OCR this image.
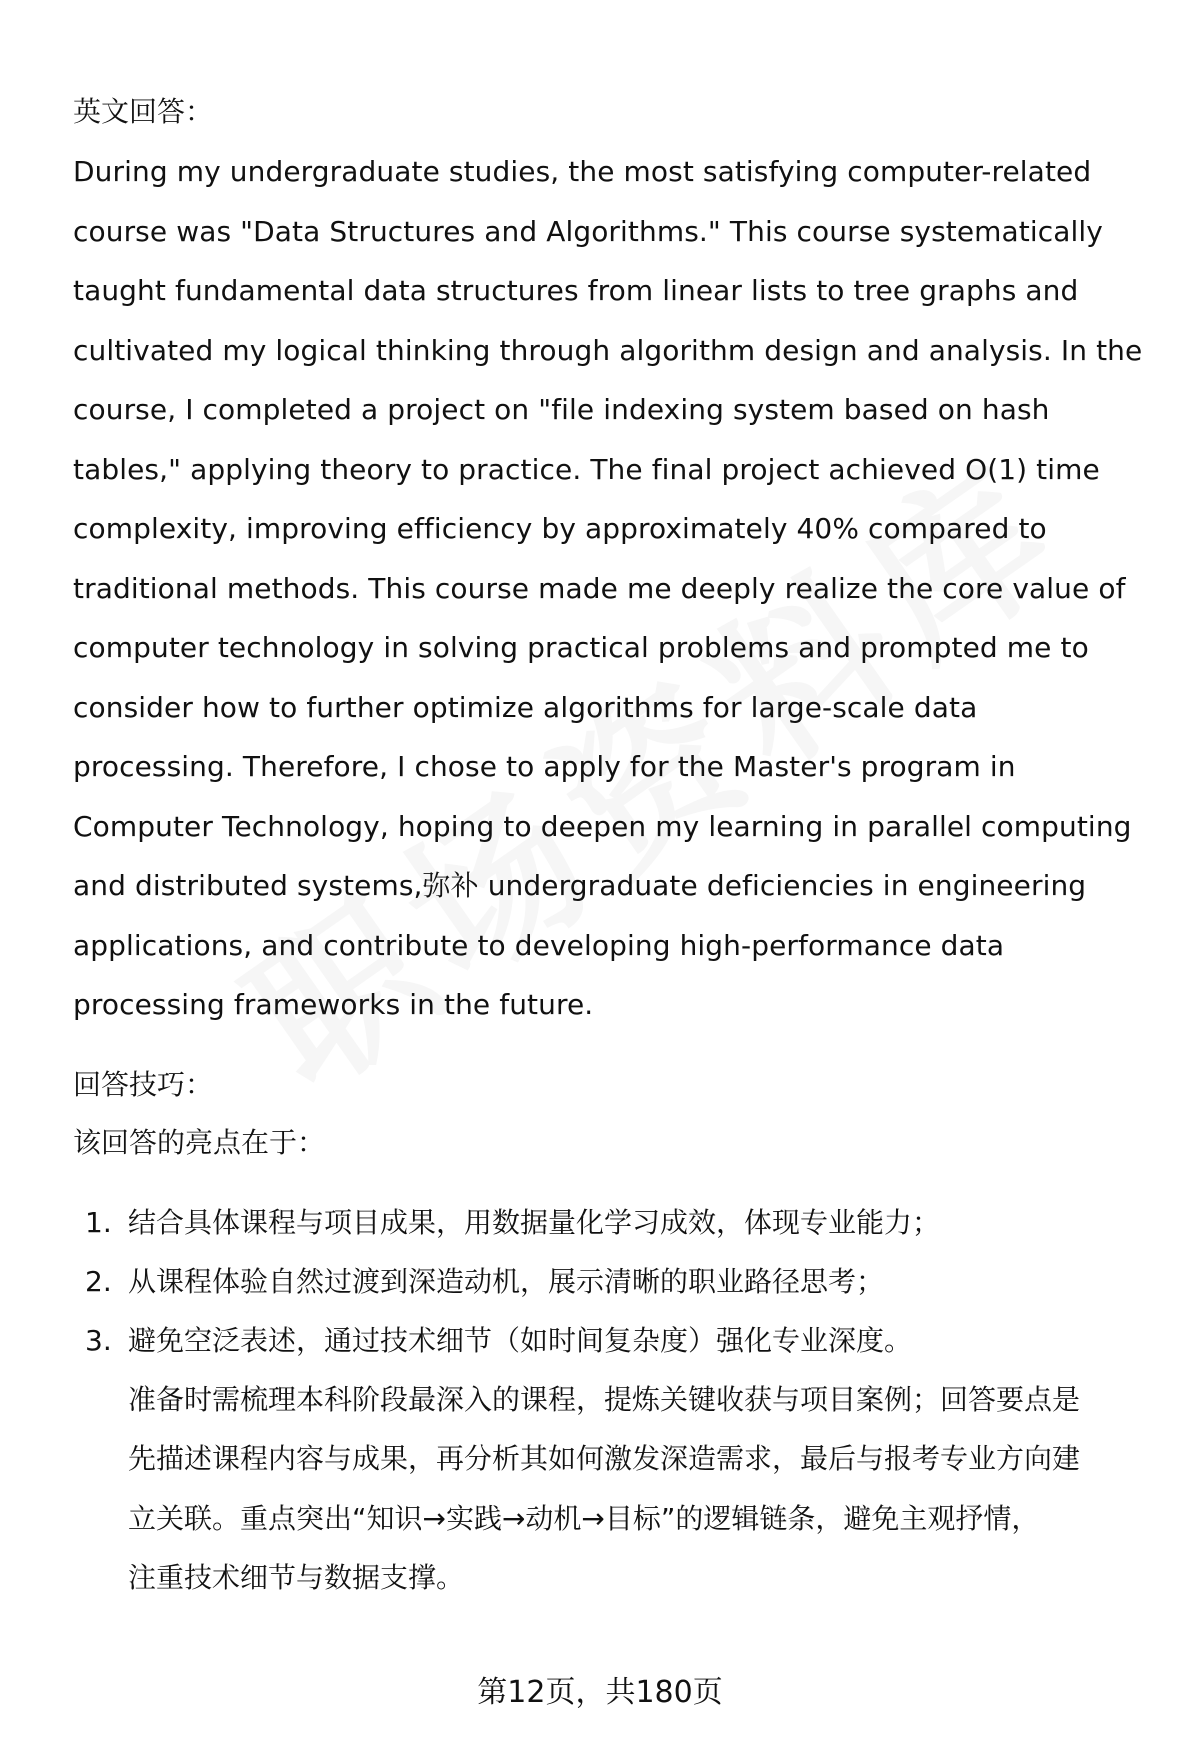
英文回答：

During my undergraduate studies, the most satisfying computer-related
course was "Data Structures and Algorithms." This course systematically
taught fundamental data structures from linear lists to tree graphs and
cultivated my logical thinking through algorithm design and analysis. In the
course, I completed a project on "file indexing system based on hash
tables," applying theory to practice. The final project achieved O(1) time
complexity, improving efficiency by approximately 40% compared to
traditional methods. This course made me deeply realize the core value of
computer technology in solving practical problems and prompted me to
consider how to further optimize algorithms for large-scale data
processing. Therefore, I chose to apply for the Master's program in
Computer Technology, hoping to deepen my learning in parallel computing
and distributed systems,弥补 undergraduate deficiencies in engineering
applications, and contribute to developing high-performance data
processing frameworks in the future.

回答技巧：

该回答的亮点在于：

1. 结合具体课程与项目成果，用数据量化学习成效，体现专业能力；
2. 从课程体验自然过渡到深造动机，展示清晰的职业路径思考；
3. 避免空泛表述，通过技术细节（如时间复杂度）强化专业深度。

准备时需梳理本科阶段最深入的课程，提炼关键收获与项目案例；回答要点是
先描述课程内容与成果，再分析其如何激发深造需求，最后与报考专业方向建
立关联。重点突出“知识→实践→动机→目标”的逻辑链条，避免主观抒情，
注重技术细节与数据支撑。

第12页，共180页
